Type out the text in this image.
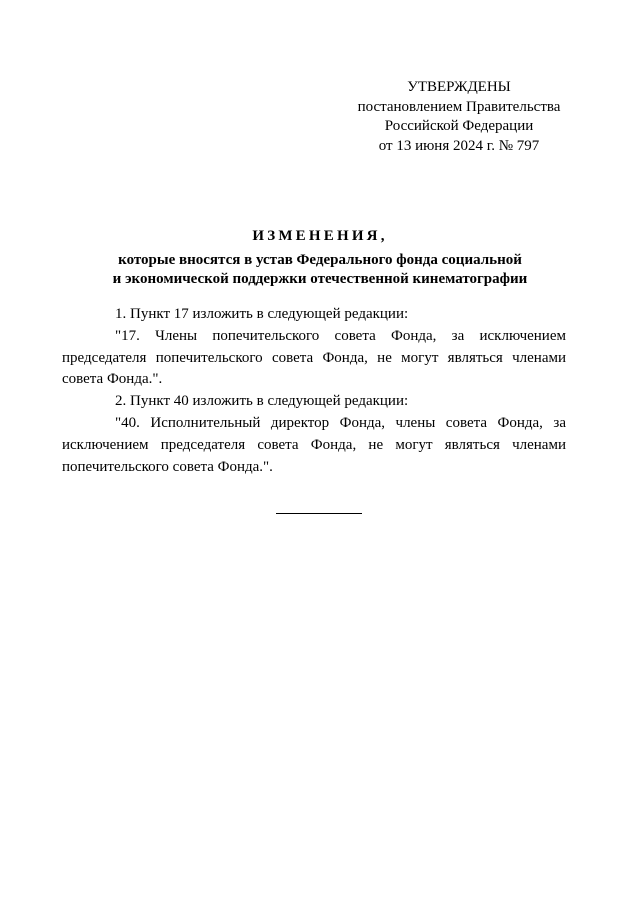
УТВЕРЖДЕНЫ
постановлением Правительства
Российской Федерации
от 13 июня 2024 г. № 797
ИЗМЕНЕНИЯ,
которые вносятся в устав Федерального фонда социальной
и экономической поддержки отечественной кинематографии

1. Пункт 17 изложить в следующей редакции:

"17. Члены попечительского совета Фонда, за исключением председателя попечительского совета Фонда, не могут являться членами совета Фонда.".

2. Пункт 40 изложить в следующей редакции:

"40. Исполнительный директор Фонда, члены совета Фонда, за исключением председателя совета Фонда, не могут являться членами попечительского совета Фонда.".
